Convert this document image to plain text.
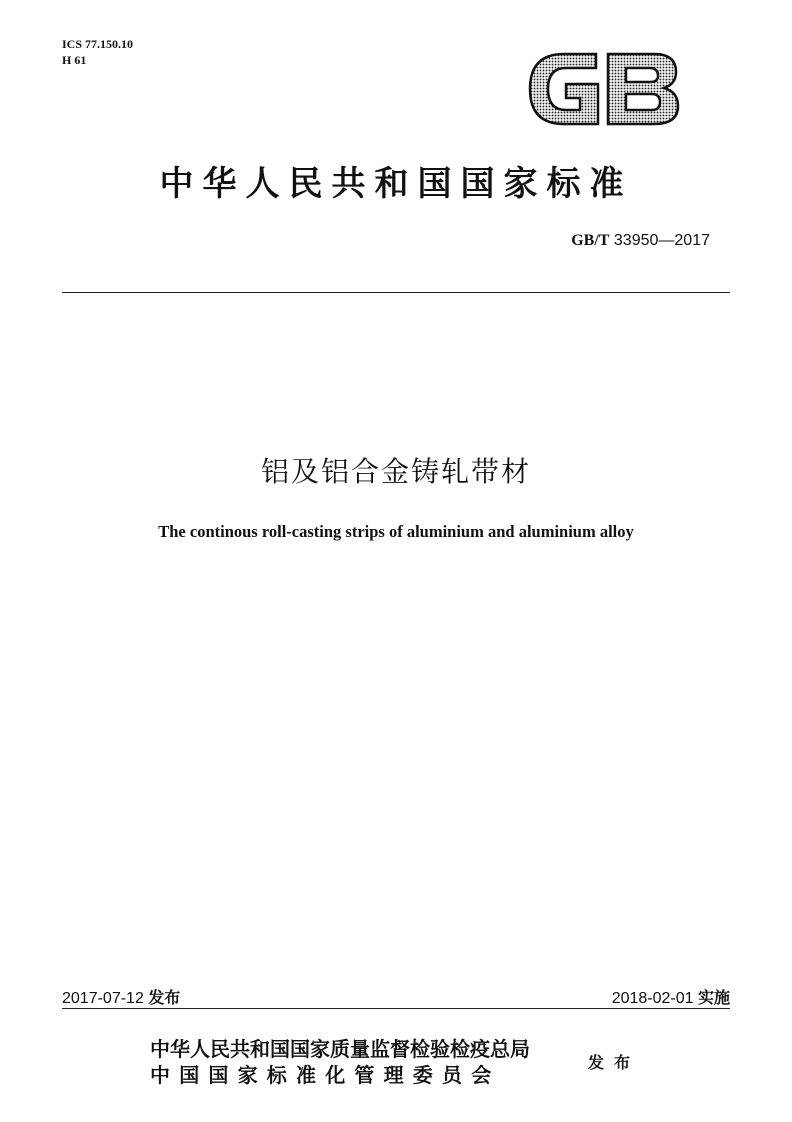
ICS 77.150.10
H 61
GB
中华人民共和国国家标准
GB/T 33950—2017
铝及铝合金铸轧带材
The continous roll-casting strips of aluminium and aluminium alloy
2017-07-12 发布	2018-02-01 实施
中华人民共和国国家质量监督检验检疫总局
中国国家标准化管理委员会
发布
